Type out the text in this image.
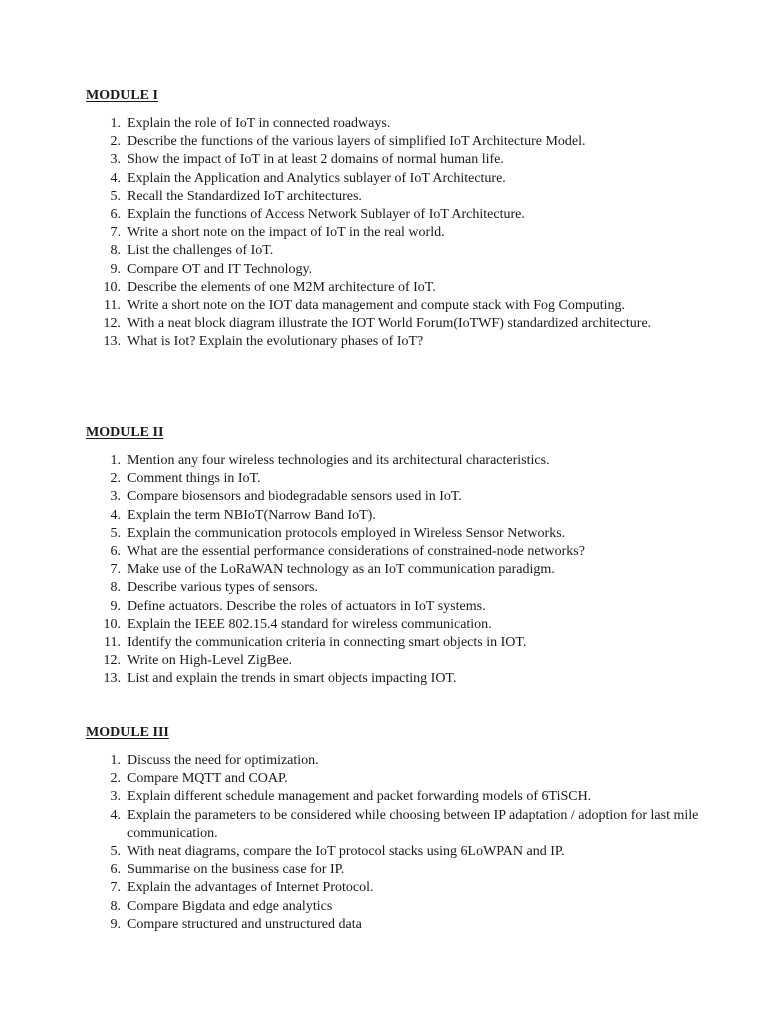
MODULE I
1. Explain the role of IoT in connected roadways.
2. Describe the functions of the various layers of simplified IoT Architecture Model.
3. Show the impact of IoT in at least 2 domains of normal human life.
4. Explain the Application and Analytics sublayer of IoT Architecture.
5. Recall the Standardized IoT architectures.
6. Explain the functions of Access Network Sublayer of IoT Architecture.
7. Write a short note on the impact of IoT in the real world.
8. List the challenges of IoT.
9. Compare OT and IT Technology.
10. Describe the elements of one M2M architecture of IoT.
11. Write a short note on the IOT data management and compute stack with Fog Computing.
12. With a neat block diagram illustrate the IOT World Forum(IoTWF) standardized architecture.
13. What is Iot? Explain the evolutionary phases of IoT?
MODULE II
1. Mention any four wireless technologies and its architectural characteristics.
2. Comment things in IoT.
3. Compare biosensors and biodegradable sensors used in IoT.
4. Explain the term NBIoT(Narrow Band IoT).
5. Explain the communication protocols employed in Wireless Sensor Networks.
6. What are the essential performance considerations of constrained-node networks?
7. Make use of the LoRaWAN technology as an IoT communication paradigm.
8. Describe various types of sensors.
9. Define actuators. Describe the roles of actuators in IoT systems.
10. Explain the IEEE 802.15.4 standard for wireless communication.
11. Identify the communication criteria in connecting smart objects in IOT.
12. Write on High-Level ZigBee.
13. List and explain the trends in smart objects impacting IOT.
MODULE III
1. Discuss the need for optimization.
2. Compare MQTT and COAP.
3. Explain different schedule management and packet forwarding models of 6TiSCH.
4. Explain the parameters to be considered while choosing between IP adaptation / adoption for last mile communication.
5. With neat diagrams, compare the IoT protocol stacks using 6LoWPAN and IP.
6. Summarise on the business case for IP.
7. Explain the advantages of Internet Protocol.
8. Compare Bigdata and edge analytics
9. Compare structured and unstructured data
